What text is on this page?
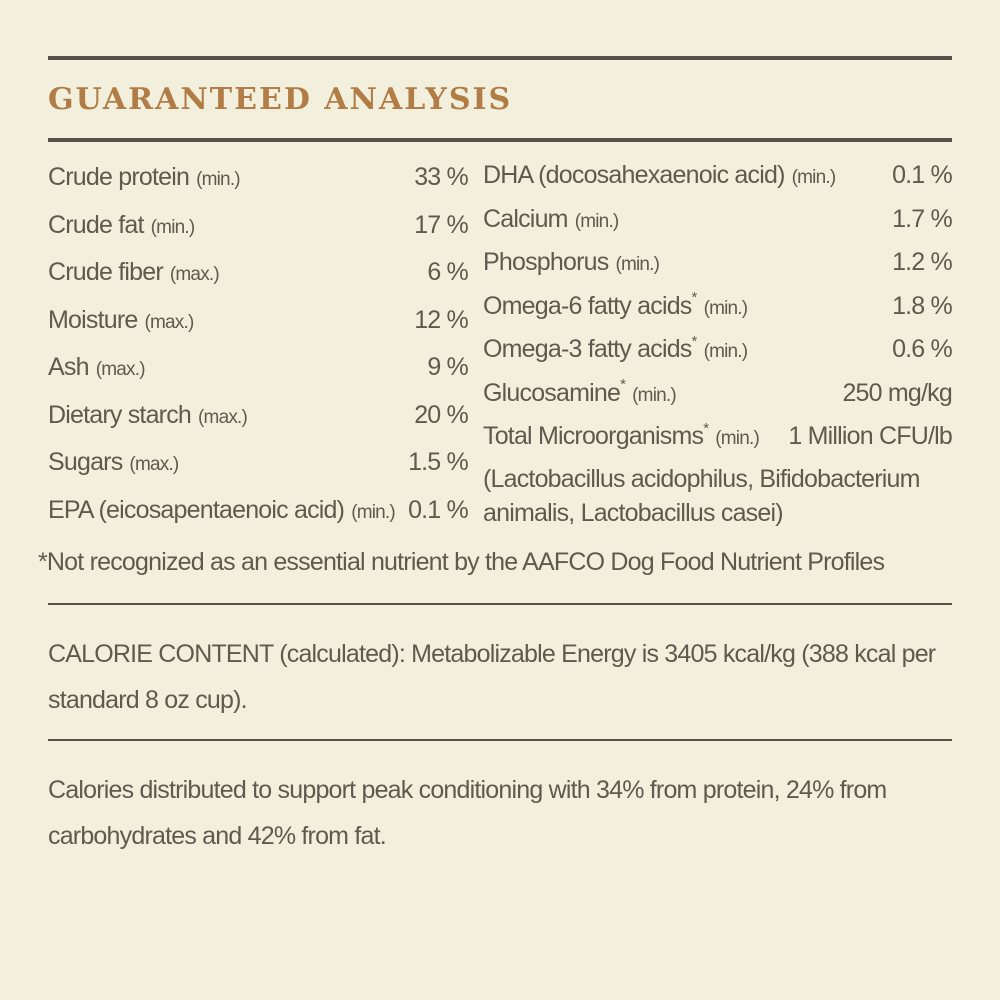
GUARANTEED ANALYSIS
Crude protein (min.)	33 %
Crude fat (min.)	17 %
Crude fiber (max.)	6 %
Moisture (max.)	12 %
Ash (max.)	9 %
Dietary starch (max.)	20 %
Sugars (max.)	1.5 %
EPA (eicosapentaenoic acid) (min.) 0.1 %
DHA (docosahexaenoic acid) (min.) 0.1 %
Calcium (min.)	1.7 %
Phosphorus (min.)	1.2 %
Omega-6 fatty acids* (min.)	1.8 %
Omega-3 fatty acids* (min.)	0.6 %
Glucosamine* (min.)	250 mg/kg
Total Microorganisms* (min.) 1 Million CFU/lb
(Lactobacillus acidophilus, Bifidobacterium
animalis, Lactobacillus casei)

*Not recognized as an essential nutrient by the AAFCO Dog Food Nutrient Profiles

CALORIE CONTENT (calculated): Metabolizable Energy is 3405 kcal/kg (388 kcal per standard 8 oz cup).

Calories distributed to support peak conditioning with 34% from protein, 24% from carbohydrates and 42% from fat.
